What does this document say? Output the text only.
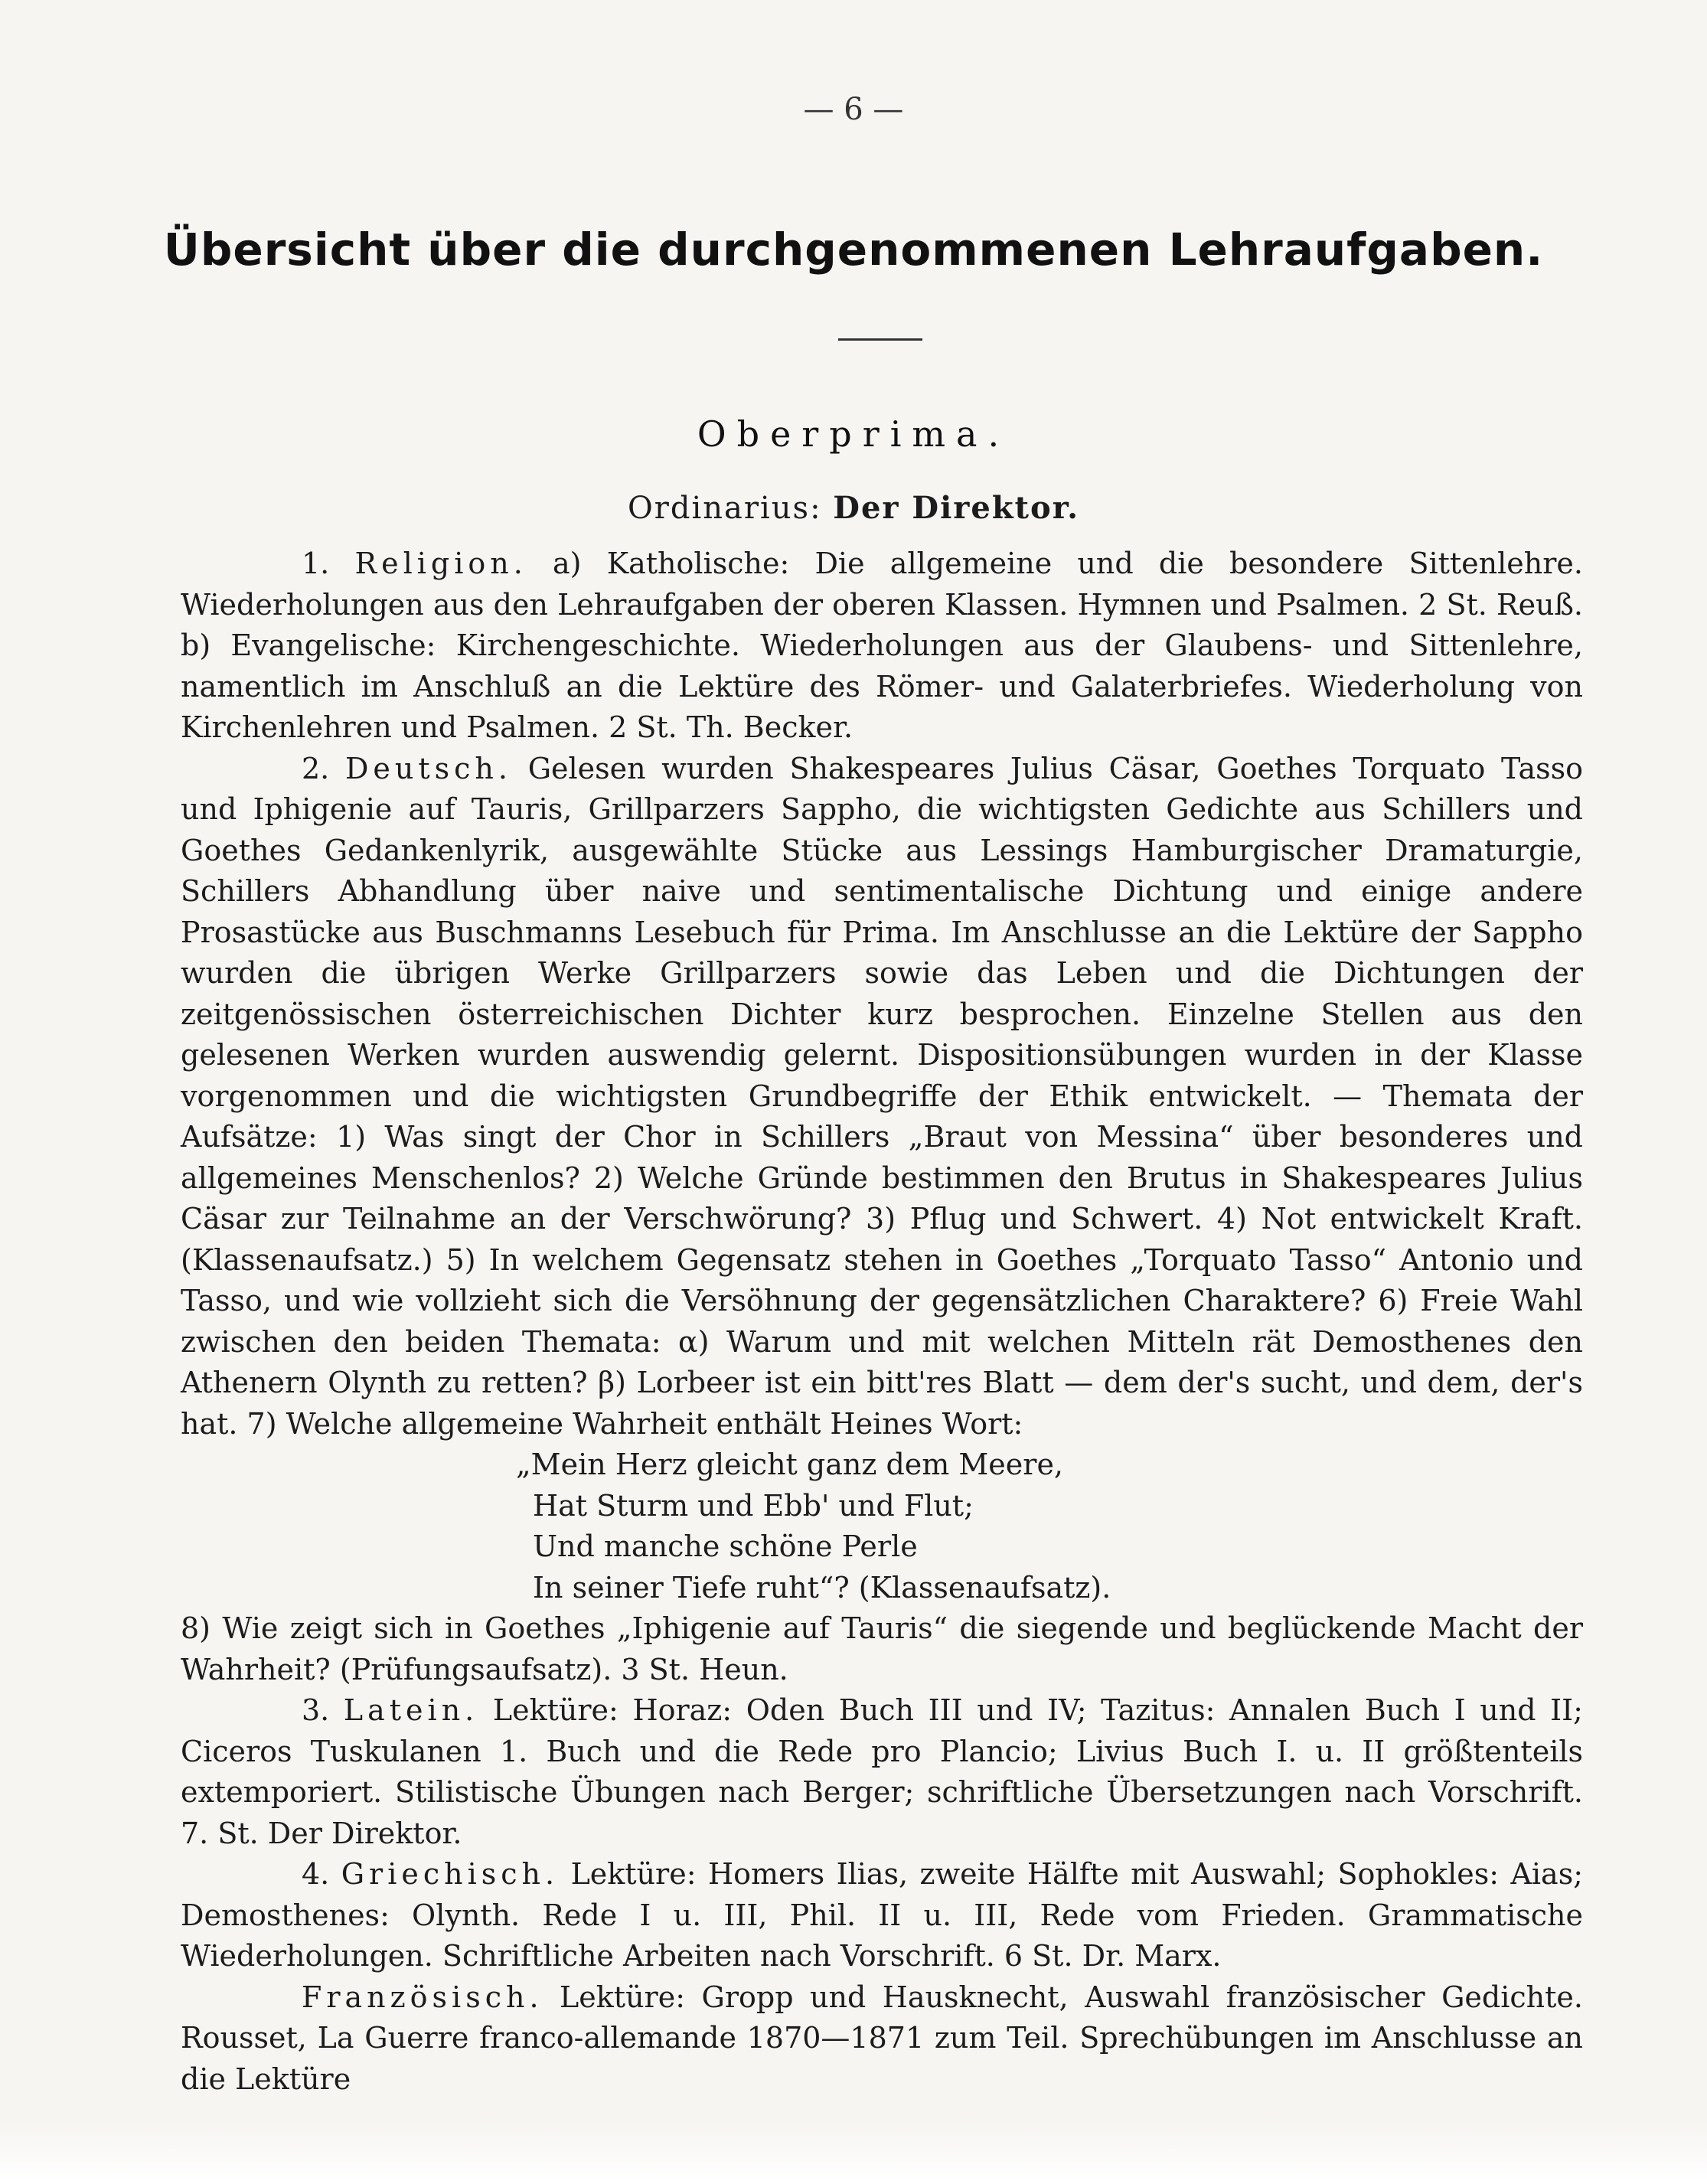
— 6 —
Übersicht über die durchgenommenen Lehraufgaben.
Oberprima.
Ordinarius: Der Direktor.

1. Religion. a) Katholische: Die allgemeine und die besondere Sittenlehre. Wiederholungen aus den Lehraufgaben der oberen Klassen. Hymnen und Psalmen. 2 St. Reuß. b) Evangelische: Kirchengeschichte. Wiederholungen aus der Glaubens- und Sittenlehre, namentlich im Anschluß an die Lektüre des Römer- und Galaterbriefes. Wiederholung von Kirchenlehren und Psalmen. 2 St. Th. Becker.

2. Deutsch. Gelesen wurden Shakespeares Julius Cäsar, Goethes Torquato Tasso und Iphigenie auf Tauris, Grillparzers Sappho, die wichtigsten Gedichte aus Schillers und Goethes Gedankenlyrik, ausgewählte Stücke aus Lessings Hamburgischer Dramaturgie, Schillers Abhandlung über naive und sentimentalische Dichtung und einige andere Prosastücke aus Buschmanns Lesebuch für Prima. Im Anschlusse an die Lektüre der Sappho wurden die übrigen Werke Grillparzers sowie das Leben und die Dichtungen der zeitgenössischen österreichischen Dichter kurz besprochen. Einzelne Stellen aus den gelesenen Werken wurden auswendig gelernt. Dispositionsübungen wurden in der Klasse vorgenommen und die wichtigsten Grundbegriffe der Ethik entwickelt. — Themata der Aufsätze: 1) Was singt der Chor in Schillers „Braut von Messina“ über besonderes und allgemeines Menschenlos? 2) Welche Gründe bestimmen den Brutus in Shakespeares Julius Cäsar zur Teilnahme an der Verschwörung? 3) Pflug und Schwert. 4) Not entwickelt Kraft. (Klassenaufsatz.) 5) In welchem Gegensatz stehen in Goethes „Torquato Tasso“ Antonio und Tasso, und wie vollzieht sich die Versöhnung der gegensätzlichen Charaktere? 6) Freie Wahl zwischen den beiden Themata: α) Warum und mit welchen Mitteln rät Demosthenes den Athenern Olynth zu retten? β) Lorbeer ist ein bitt'res Blatt — dem der's sucht, und dem, der's hat. 7) Welche allgemeine Wahrheit enthält Heines Wort:

„Mein Herz gleicht ganz dem Meere,
Hat Sturm und Ebb' und Flut;
Und manche schöne Perle
In seiner Tiefe ruht“? (Klassenaufsatz).

8) Wie zeigt sich in Goethes „Iphigenie auf Tauris“ die siegende und beglückende Macht der Wahrheit? (Prüfungsaufsatz). 3 St. Heun.

3. Latein. Lektüre: Horaz: Oden Buch III und IV; Tazitus: Annalen Buch I und II; Ciceros Tuskulanen 1. Buch und die Rede pro Plancio; Livius Buch I. u. II größtenteils extemporiert. Stilistische Übungen nach Berger; schriftliche Übersetzungen nach Vorschrift. 7. St. Der Direktor.

4. Griechisch. Lektüre: Homers Ilias, zweite Hälfte mit Auswahl; Sophokles: Aias; Demosthenes: Olynth. Rede I u. III, Phil. II u. III, Rede vom Frieden. Grammatische Wiederholungen. Schriftliche Arbeiten nach Vorschrift. 6 St. Dr. Marx.

Französisch. Lektüre: Gropp und Hausknecht, Auswahl französischer Gedichte. Rousset, La Guerre franco-allemande 1870—1871 zum Teil. Sprechübungen im Anschlusse an die Lektüre
